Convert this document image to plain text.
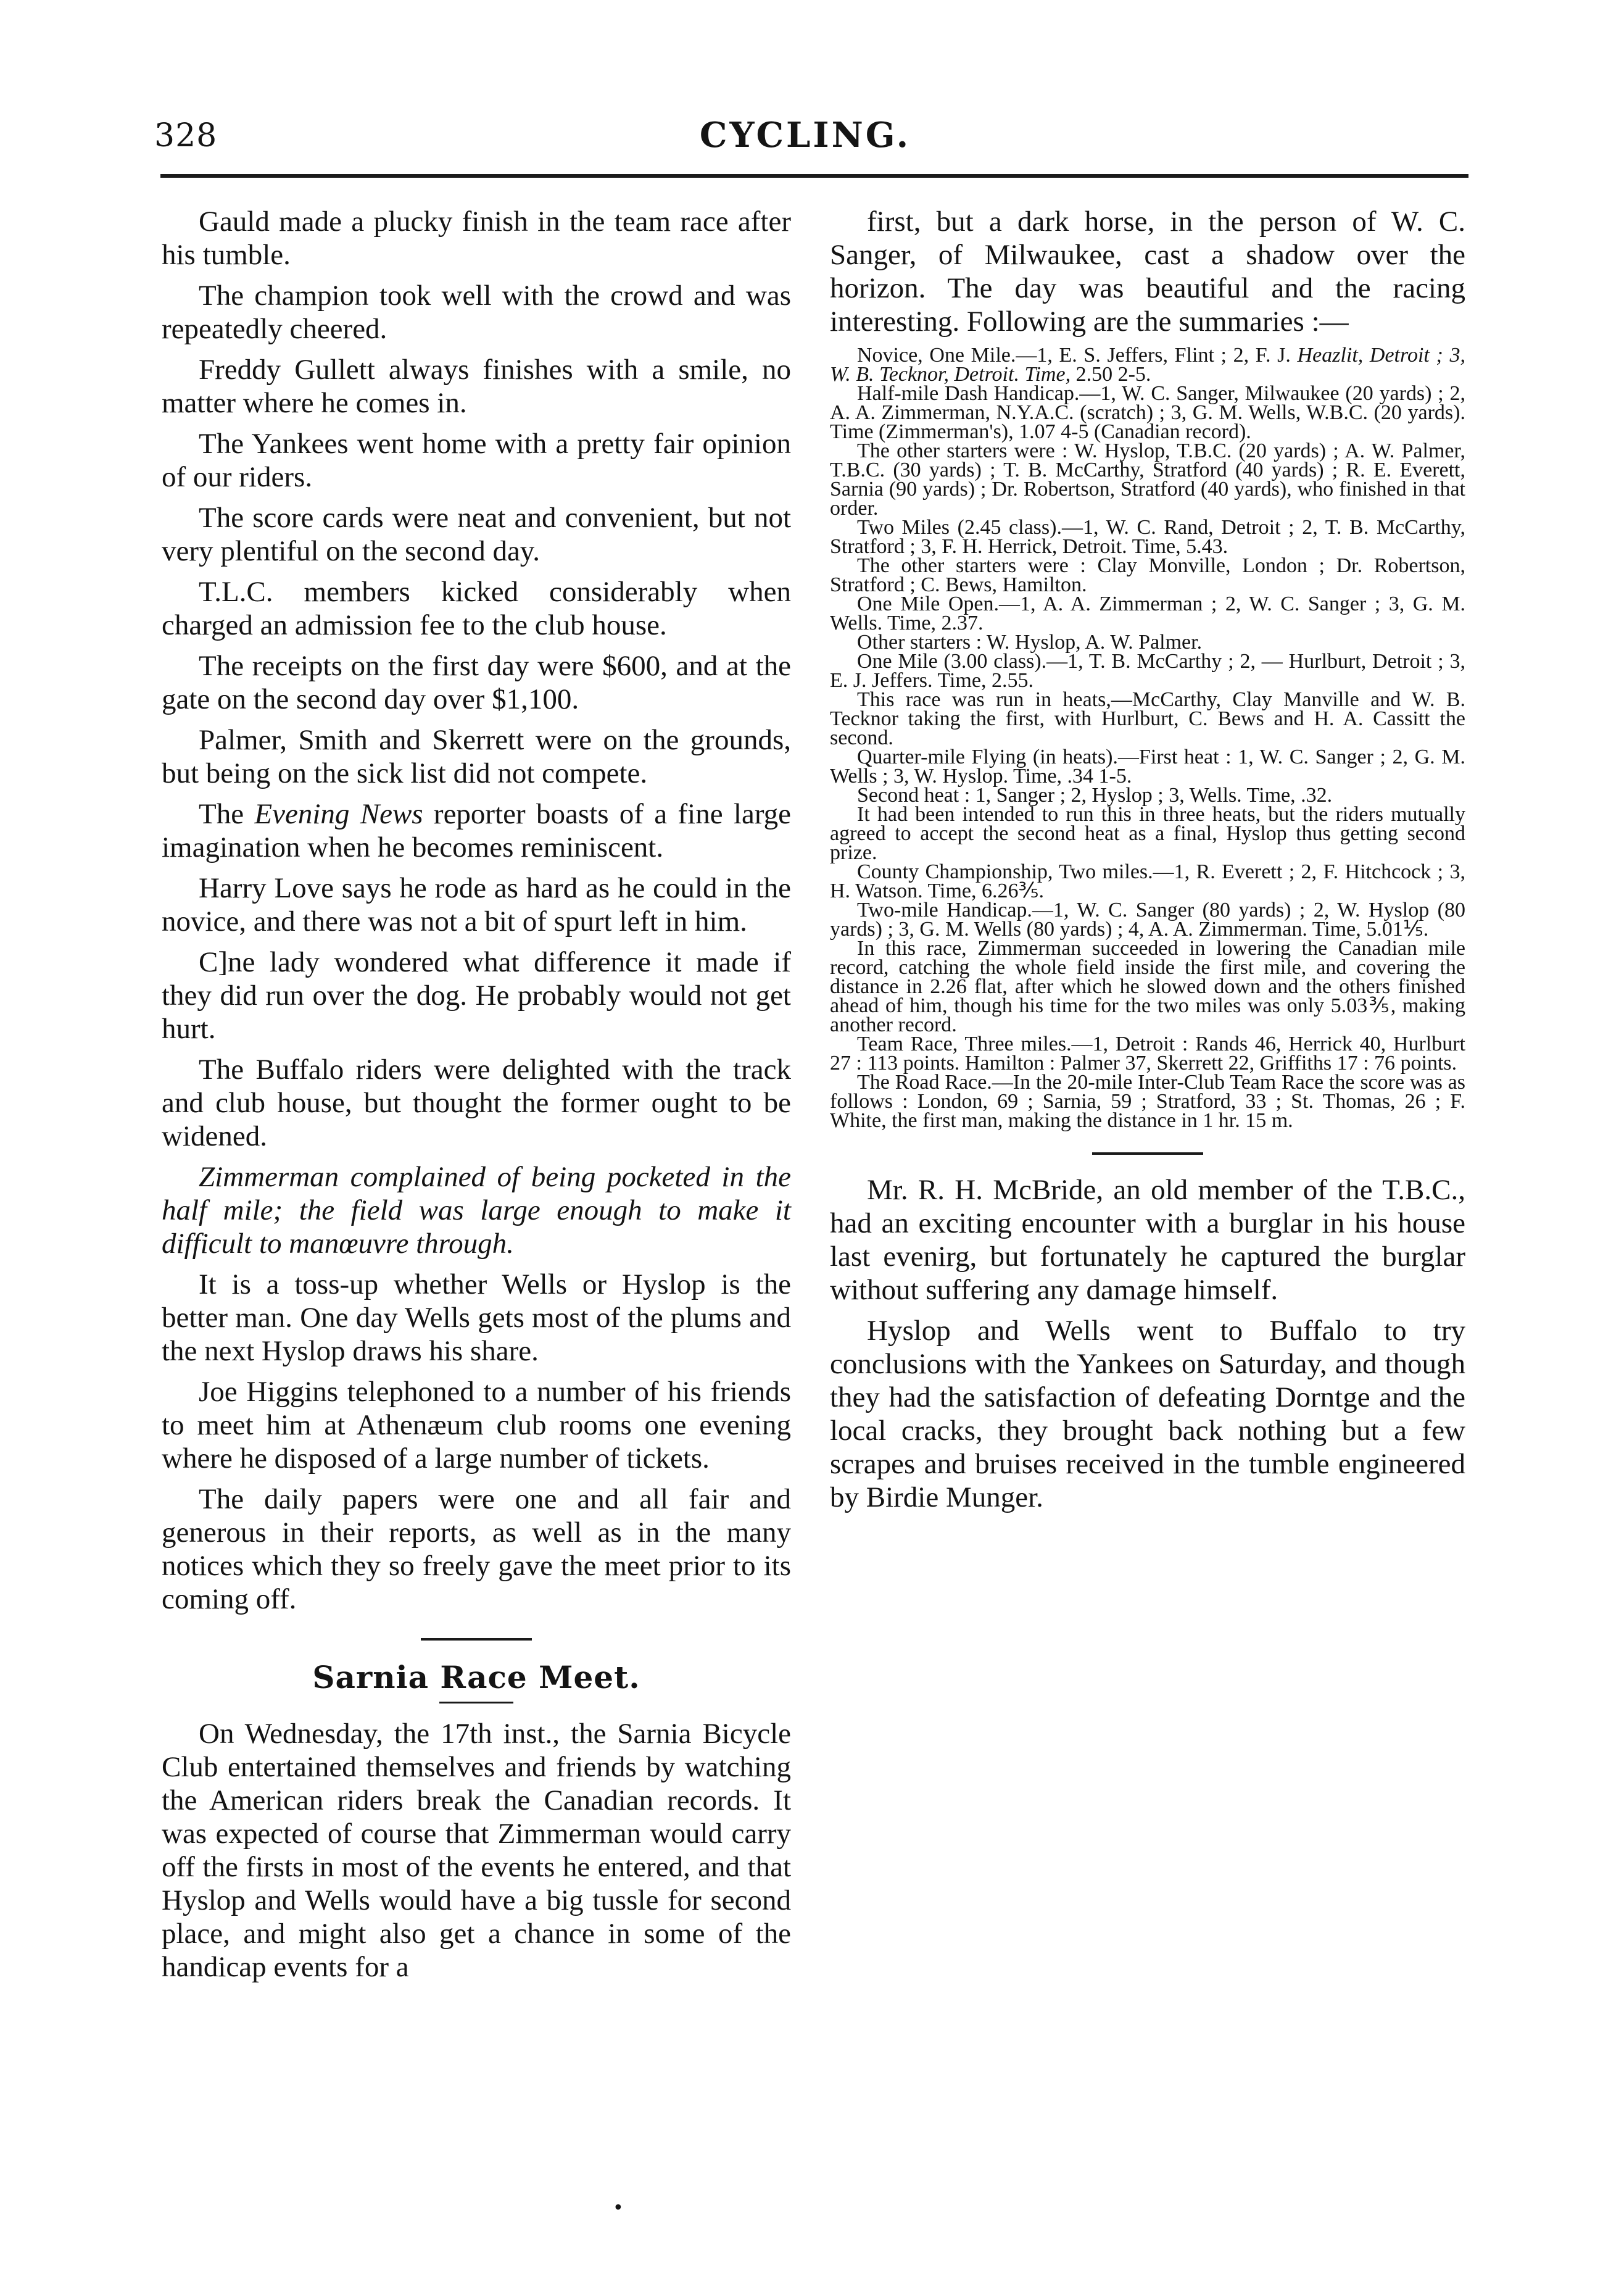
328	CYCLING.

Gauld made a plucky finish in the team race after his tumble.

The champion took well with the crowd and was repeatedly cheered.

Freddy Gullett always finishes with a smile, no matter where he comes in.

The Yankees went home with a pretty fair opinion of our riders.

The score cards were neat and convenient, but not very plentiful on the second day.

T.L.C. members kicked considerably when charged an admission fee to the club house.

The receipts on the first day were $600, and at the gate on the second day over $1,100.

Palmer, Smith and Skerrett were on the grounds, but being on the sick list did not compete.

The Evening News reporter boasts of a fine large imagination when he becomes reminiscent.

Harry Love says he rode as hard as he could in the novice, and there was not a bit of spurt left in him.

C]ne lady wondered what difference it made if they did run over the dog. He probably would not get hurt.

The Buffalo riders were delighted with the track and club house, but thought the former ought to be widened.

Zimmerman complained of being pocketed in the half mile; the field was large enough to make it difficult to manœuvre through.

It is a toss-up whether Wells or Hyslop is the better man. One day Wells gets most of the plums and the next Hyslop draws his share.

Joe Higgins telephoned to a number of his friends to meet him at Athenæum club rooms one evening where he disposed of a large number of tickets.

The daily papers were one and all fair and generous in their reports, as well as in the many notices which they so freely gave the meet prior to its coming off.

Sarnia Race Meet.

On Wednesday, the 17th inst., the Sarnia Bicycle Club entertained themselves and friends by watching the American riders break the Canadian records. It was expected of course that Zimmerman would carry off the firsts in most of the events he entered, and that Hyslop and Wells would have a big tussle for second place, and might also get a chance in some of the handicap events for a

first, but a dark horse, in the person of W. C. Sanger, of Milwaukee, cast a shadow over the horizon. The day was beautiful and the racing interesting. Following are the summaries :—

Novice, One Mile.—1, E. S. Jeffers, Flint ; 2, F. J. Heazlit, Detroit ; 3, W. B. Tecknor, Detroit. Time, 2.50 2-5.

Half-mile Dash Handicap.—1, W. C. Sanger, Milwaukee (20 yards) ; 2, A. A. Zimmerman, N.Y.A.C. (scratch) ; 3, G. M. Wells, W.B.C. (20 yards). Time (Zimmerman's), 1.07 4-5 (Canadian record).

The other starters were : W. Hyslop, T.B.C. (20 yards) ; A. W. Palmer, T.B.C. (30 yards) ; T. B. McCarthy, Stratford (40 yards) ; R. E. Everett, Sarnia (90 yards) ; Dr. Robertson, Stratford (40 yards), who finished in that order.

Two Miles (2.45 class).—1, W. C. Rand, Detroit ; 2, T. B. McCarthy, Stratford ; 3, F. H. Herrick, Detroit. Time, 5.43.

The other starters were : Clay Monville, London ; Dr. Robertson, Stratford ; C. Bews, Hamilton.

One Mile Open.—1, A. A. Zimmerman ; 2, W. C. Sanger ; 3, G. M. Wells. Time, 2.37.

Other starters : W. Hyslop, A. W. Palmer.

One Mile (3.00 class).—1, T. B. McCarthy ; 2, — Hurlburt, Detroit ; 3, E. J. Jeffers. Time, 2.55.

This race was run in heats,—McCarthy, Clay Manville and W. B. Tecknor taking the first, with Hurlburt, C. Bews and H. A. Cassitt the second.

Quarter-mile Flying (in heats).—First heat : 1, W. C. Sanger ; 2, G. M. Wells ; 3, W. Hyslop. Time, .34 1-5.

Second heat : 1, Sanger ; 2, Hyslop ; 3, Wells. Time, .32.

It had been intended to run this in three heats, but the riders mutually agreed to accept the second heat as a final, Hyslop thus getting second prize.

County Championship, Two miles.—1, R. Everett ; 2, F. Hitchcock ; 3, H. Watson. Time, 6.26⅗.

Two-mile Handicap.—1, W. C. Sanger (80 yards) ; 2, W. Hyslop (80 yards) ; 3, G. M. Wells (80 yards) ; 4, A. A. Zimmerman. Time, 5.01⅕.

In this race, Zimmerman succeeded in lowering the Canadian mile record, catching the whole field inside the first mile, and covering the distance in 2.26 flat, after which he slowed down and the others finished ahead of him, though his time for the two miles was only 5.03⅗, making another record.

Team Race, Three miles.—1, Detroit : Rands 46, Herrick 40, Hurlburt 27 : 113 points. Hamilton : Palmer 37, Skerrett 22, Griffiths 17 : 76 points.

The Road Race.—In the 20-mile Inter-Club Team Race the score was as follows : London, 69 ; Sarnia, 59 ; Stratford, 33 ; St. Thomas, 26 ; F. White, the first man, making the distance in 1 hr. 15 m.

Mr. R. H. McBride, an old member of the T.B.C., had an exciting encounter with a burglar in his house last evenirg, but fortunately he captured the burglar without suffering any damage himself.

Hyslop and Wells went to Buffalo to try conclusions with the Yankees on Saturday, and though they had the satisfaction of defeating Dorntge and the local cracks, they brought back nothing but a few scrapes and bruises received in the tumble engineered by Birdie Munger.

•
